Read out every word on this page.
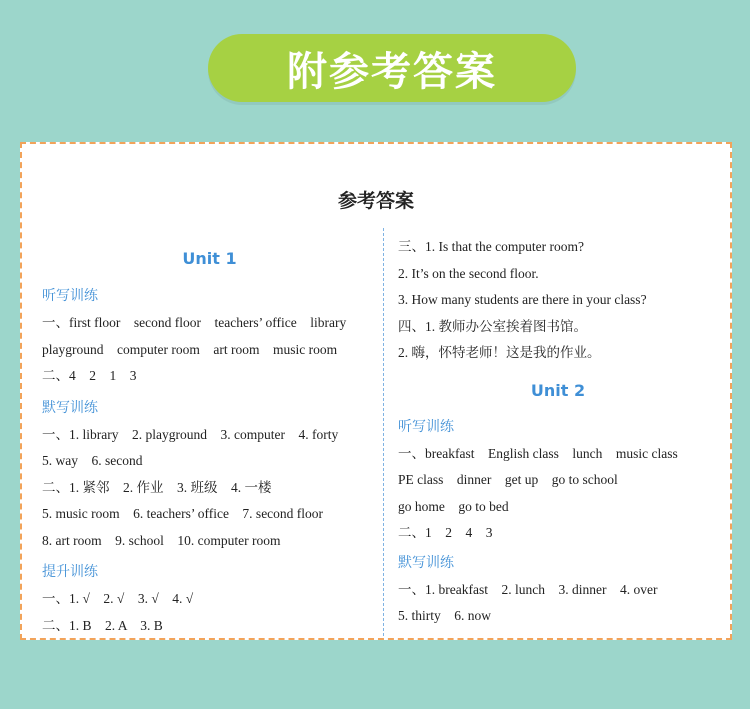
附参考答案
参考答案
Unit 1
听写训练
一、first floor    second floor    teachers’ office    library
playground    computer room    art room    music room
二、4    2    1    3
默写训练
一、1. library    2. playground    3. computer    4. forty
5. way    6. second
二、1. 紧邻    2. 作业    3. 班级    4. 一楼
5. music room    6. teachers’ office    7. second floor
8. art room    9. school    10. computer room
提升训练
一、1. √    2. √    3. √    4. √
二、1. B    2. A    3. B
三、1. Is that the computer room?
2. It’s on the second floor.
3. How many students are there in your class?
四、1. 教师办公室挨着图书馆。
2. 嗨，怀特老师！这是我的作业。
Unit 2
听写训练
一、breakfast    English class    lunch    music class
PE class    dinner    get up    go to school
go home    go to bed
二、1    2    4    3
默写训练
一、1. breakfast    2. lunch    3. dinner    4. over
5. thirty    6. now
